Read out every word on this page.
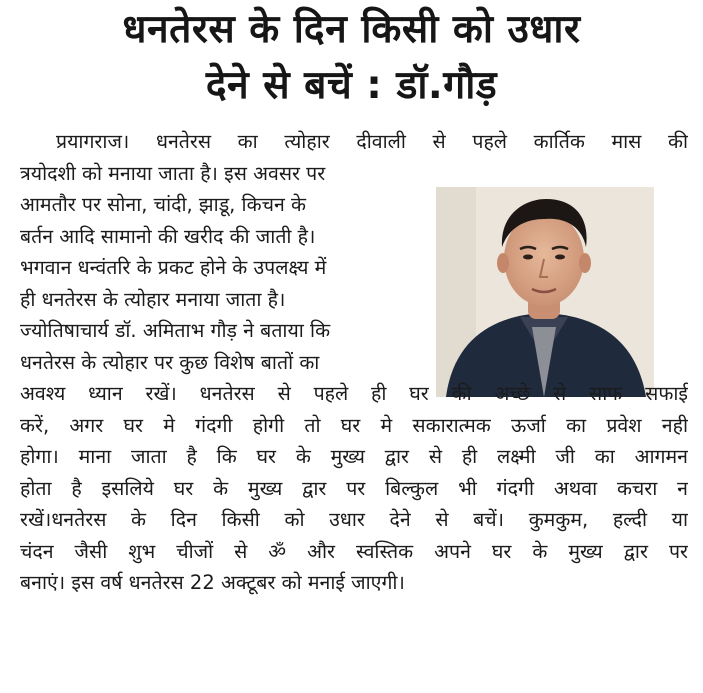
धनतेरस के दिन किसी को उधार
देने से बचें : डॉ.गौड़
प्रयागराज। धनतेरस का त्योहार दीवाली से पहले कार्तिक मास की
त्रयोदशी को मनाया जाता है। इस अवसर पर
आमतौर पर सोना, चांदी, झाडू, किचन के
बर्तन आदि सामानो की खरीद की जाती है।
भगवान धन्वंतरि के प्रकट होने के उपलक्ष्य में
ही धनतेरस के त्योहार मनाया जाता है।
ज्योतिषाचार्य डॉ. अमिताभ गौड़ ने बताया कि
धनतेरस के त्योहार पर कुछ विशेष बातों का
अवश्य ध्यान रखें। धनतेरस से पहले ही घर की अच्छे से साफ सफाई
करें, अगर घर मे गंदगी होगी तो घर मे सकारात्मक ऊर्जा का प्रवेश नही
होगा। माना जाता है कि घर के मुख्य द्वार से ही लक्ष्मी जी का आगमन
होता है इसलिये घर के मुख्य द्वार पर बिल्कुल भी गंदगी अथवा कचरा न
रखें।धनतेरस के दिन किसी को उधार देने से बचें। कुमकुम, हल्दी या
चंदन जैसी शुभ चीजों से ॐ और स्वस्तिक अपने घर के मुख्य द्वार पर
बनाएं। इस वर्ष धनतेरस 22 अक्टूबर को मनाई जाएगी।
